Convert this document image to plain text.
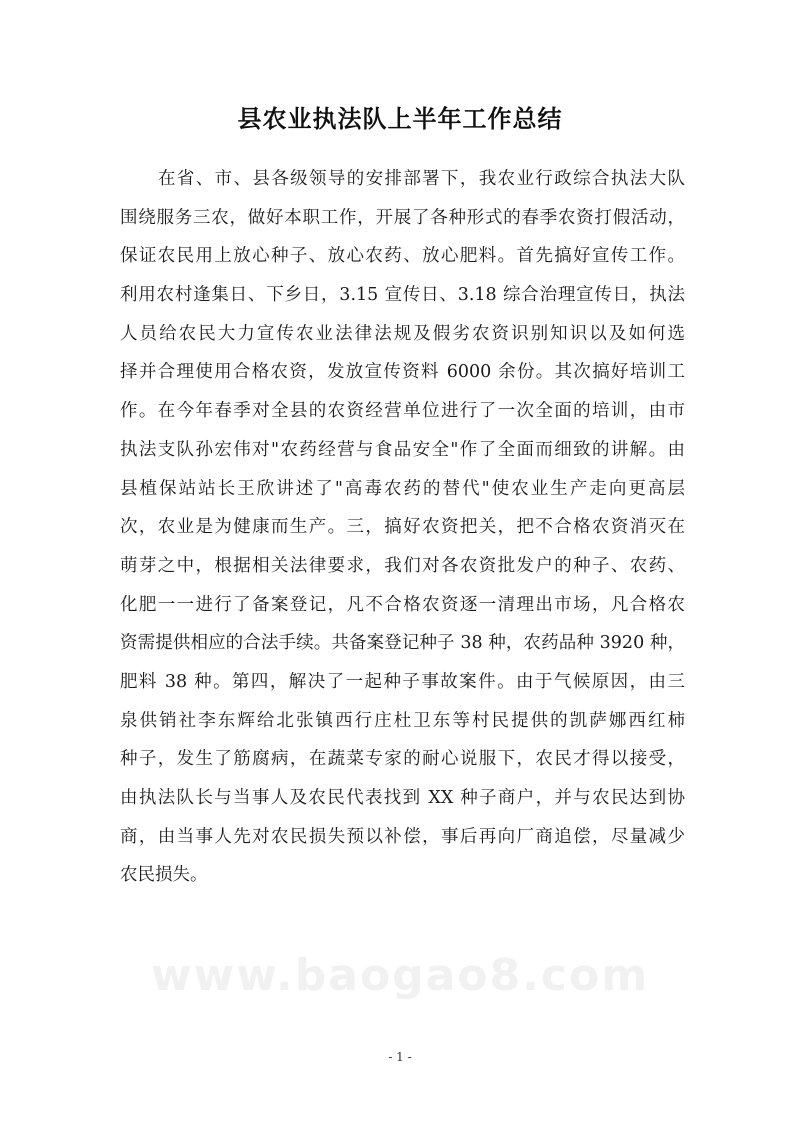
县农业执法队上半年工作总结
在省、市、县各级领导的安排部署下，我农业行政综合执法大队
围绕服务三农，做好本职工作，开展了各种形式的春季农资打假活动，
保证农民用上放心种子、放心农药、放心肥料。首先搞好宣传工作。
利用农村逢集日、下乡日，3.15 宣传日、3.18 综合治理宣传日，执法
人员给农民大力宣传农业法律法规及假劣农资识别知识以及如何选
择并合理使用合格农资，发放宣传资料 6000 余份。其次搞好培训工
作。在今年春季对全县的农资经营单位进行了一次全面的培训，由市
执法支队孙宏伟对"农药经营与食品安全"作了全面而细致的讲解。由
县植保站站长王欣讲述了"高毒农药的替代"使农业生产走向更高层
次，农业是为健康而生产。三，搞好农资把关，把不合格农资消灭在
萌芽之中，根据相关法律要求，我们对各农资批发户的种子、农药、
化肥一一进行了备案登记，凡不合格农资逐一清理出市场，凡合格农
资需提供相应的合法手续。共备案登记种子 38 种，农药品种 3920 种，
肥料 38 种。第四，解决了一起种子事故案件。由于气候原因，由三
泉供销社李东辉给北张镇西行庄杜卫东等村民提供的凯萨娜西红柿
种子，发生了筋腐病，在蔬菜专家的耐心说服下，农民才得以接受，
由执法队长与当事人及农民代表找到 XX 种子商户，并与农民达到协
商，由当事人先对农民损失预以补偿，事后再向厂商追偿，尽量减少
农民损失。

www.baogao8.com

- 1 -
